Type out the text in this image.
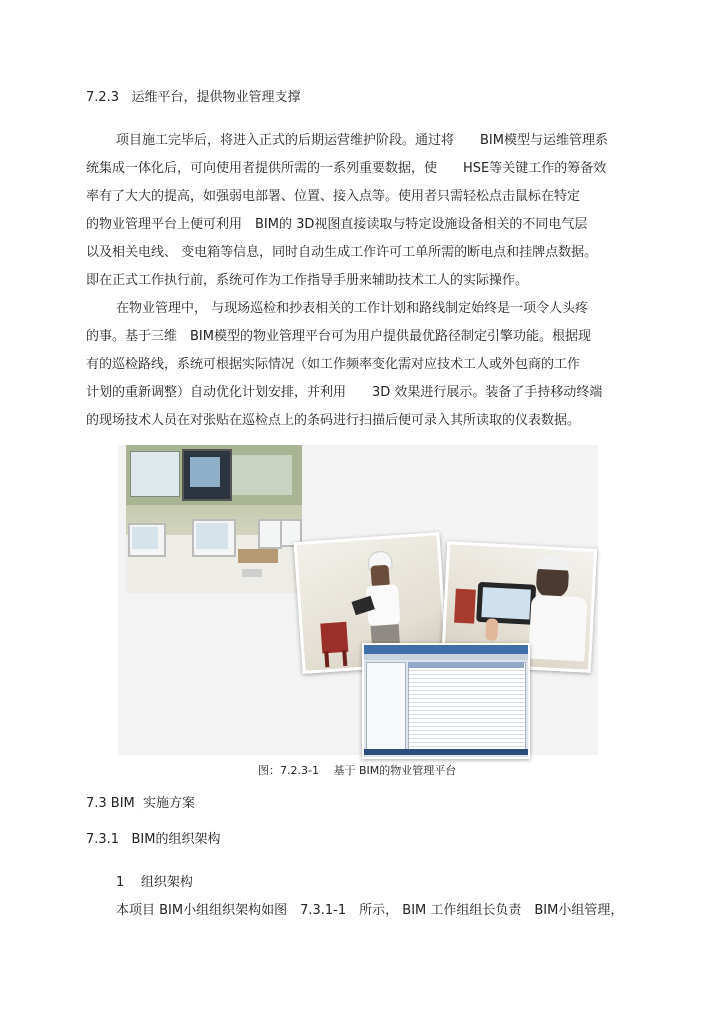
7.2.3 运维平台，提供物业管理支撑
项目施工完毕后，将进入正式的后期运营维护阶段。通过将　　BIM模型与运维管理系
统集成一体化后，可向使用者提供所需的一系列重要数据，使　　HSE等关键工作的筹备效
率有了大大的提高，如强弱电部署、位置、接入点等。使用者只需轻松点击鼠标在特定
的物业管理平台上便可利用　BIM的 3D视图直接读取与特定设施设备相关的不同电气层
以及相关电线、 变电箱等信息，同时自动生成工作许可工单所需的断电点和挂牌点数据。
即在正式工作执行前，系统可作为工作指导手册来辅助技术工人的实际操作。
在物业管理中， 与现场巡检和抄表相关的工作计划和路线制定始终是一项令人头疼
的事。基于三维　BIM模型的物业管理平台可为用户提供最优路径制定引擎功能。根据现
有的巡检路线，系统可根据实际情况（如工作频率变化需对应技术工人或外包商的工作
计划的重新调整）自动优化计划安排，并利用　　3D 效果进行展示。装备了手持移动终端
的现场技术人员在对张贴在巡检点上的条码进行扫描后便可录入其所读取的仪表数据。
图：7.2.3-1　 基于 BIM的物业管理平台
7.3 BIM 实施方案
7.3.1 BIM的组织架构
1 组织架构
本项目 BIM小组组织架构如图　7.3.1-1　所示， BIM 工作组组长负责　BIM小组管理，
